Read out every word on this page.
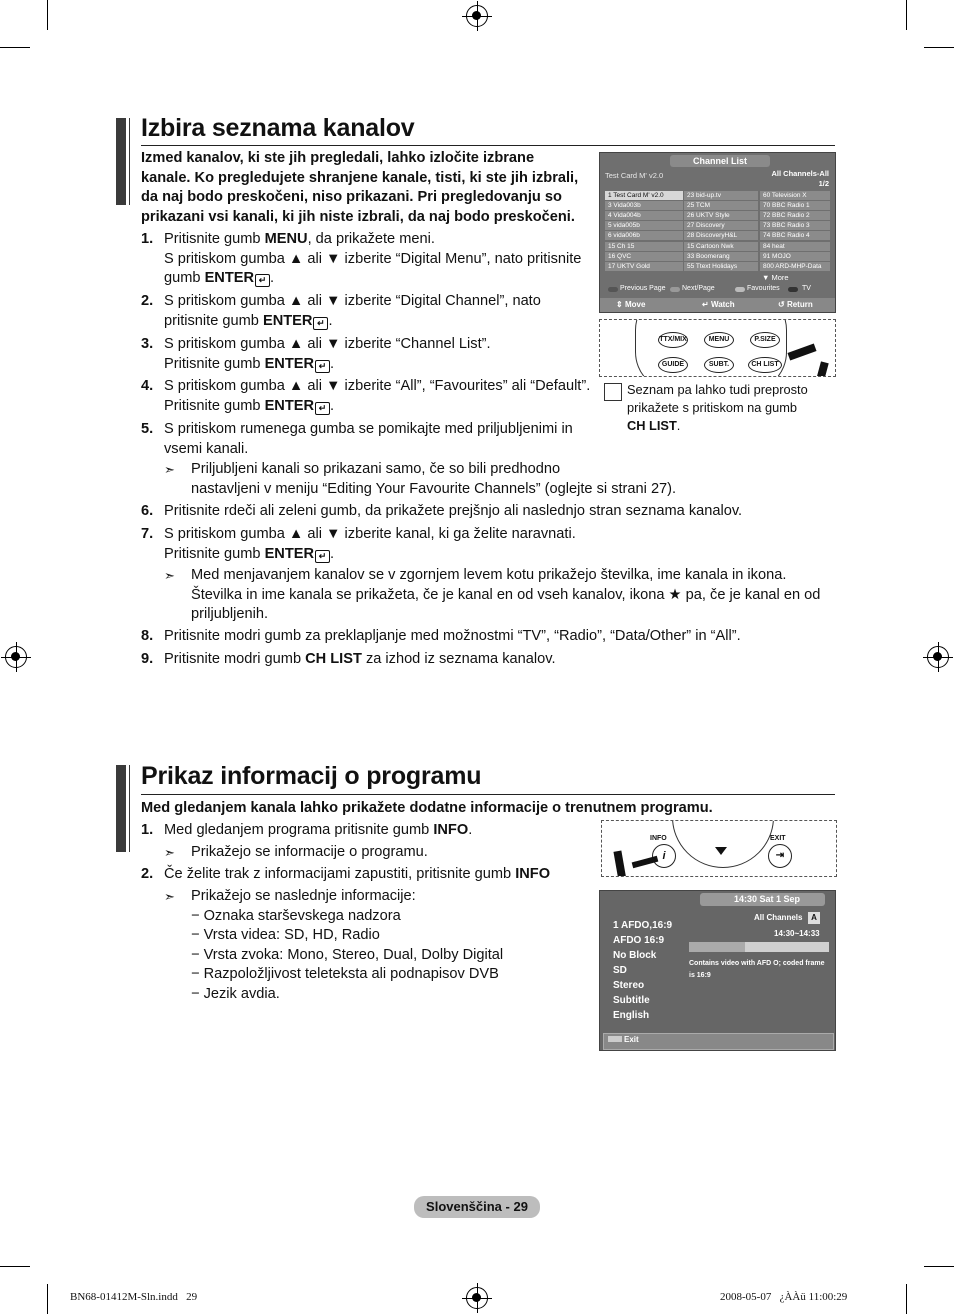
Izbira seznama kanalov
Izmed kanalov, ki ste jih pregledali, lahko izločite izbrane
kanale. Ko pregledujete shranjene kanale, tisti, ki ste jih izbrali,
da naj bodo preskočeni, niso prikazani. Pri pregledovanju so
prikazani vsi kanali, ki jih niste izbrali, da naj bodo preskočeni.
1. Pritisnite gumb MENU, da prikažete meni.
S pritiskom gumba ▲ ali ▼ izberite “Digital Menu”, nato pritisnite
gumb ENTER ↵ .
2. S pritiskom gumba ▲ ali ▼ izberite “Digital Channel”, nato
pritisnite gumb ENTER ↵ .
3. S pritiskom gumba ▲ ali ▼ izberite “Channel List”.
Pritisnite gumb ENTER ↵ .
4. S pritiskom gumba ▲ ali ▼ izberite “All”, “Favourites” ali “Default”.
Pritisnite gumb ENTER ↵ .
5. S pritiskom rumenega gumba se pomikajte med priljubljenimi in
vsemi kanali.
➣ Priljubljeni kanali so prikazani samo, če so bili predhodno
nastavljeni v meniju “Editing Your Favourite Channels” (oglejte si strani 27).
6. Pritisnite rdeči ali zeleni gumb, da prikažete prejšnjo ali naslednjo stran seznama kanalov.
7. S pritiskom gumba ▲ ali ▼ izberite kanal, ki ga želite naravnati.
Pritisnite gumb ENTER ↵ .
➣ Med menjavanjem kanalov se v zgornjem levem kotu prikažejo številka, ime kanala in ikona.
Številka in ime kanala se prikažeta, če je kanal en od vseh kanalov, ikona ★ pa, če je kanal en od
priljubljenih.
8. Pritisnite modri gumb za preklapljanje med možnostmi “TV”, “Radio”, “Data/Other” in “All”.
9. Pritisnite modri gumb CH LIST za izhod iz seznama kanalov.
Channel List
Test Card M' v2.0	All Channels-All
1/2
1 Test Card M' v2.0	23 bid-up.tv	60 Television X
3 Vida003b	25 TCM	70 BBC Radio 1
4 Vida004b	26 UKTV Style	72 BBC Radio 2
5 vida005b	27 Discovery	73 BBC Radio 3
6 vida006b	28 DiscoveryH&L	74 BBC Radio 4
15 Ch 15	15 Cartoon Nwk	84 heat
16 QVC	33 Boomerang	91 MOJO
17 UKTV Gold	55 Ttext Holidays	800 ARD-MHP-Data
▼ More
Previous Page Next/Page	Favourites	TV
⇕ Move	↵ Watch	↺ Return
TTX/MIX	MENU	P.SIZE
GUIDE	SUBT.	CH LIST
Seznam pa lahko tudi preprosto
prikažete s pritiskom na gumb
CH LIST.
Prikaz informacij o programu
Med gledanjem kanala lahko prikažete dodatne informacije o trenutnem programu.
1. Med gledanjem programa pritisnite gumb INFO.
➣ Prikažejo se informacije o programu.
2. Če želite trak z informacijami zapustiti, pritisnite gumb INFO
➣ Prikažejo se naslednje informacije:
− Oznaka starševskega nadzora
− Vrsta videa: SD, HD, Radio
− Vrsta zvoka: Mono, Stereo, Dual, Dolby Digital
− Razpoložljivost teleteksta ali podnapisov DVB
− Jezik avdia.
INFO
i
EXIT
⇥
14:30 Sat 1 Sep
1 AFDO,16:9
AFDO 16:9
No Block
SD
Stereo
Subtitle
English
All Channels	A
14:30~14:33
Contains video with AFD O; coded frame
is 16:9
Exit
Slovenščina - 29
BN68-01412M-Sln.indd   29	2008-05-07   ¿ÀÀü 11:00:29
